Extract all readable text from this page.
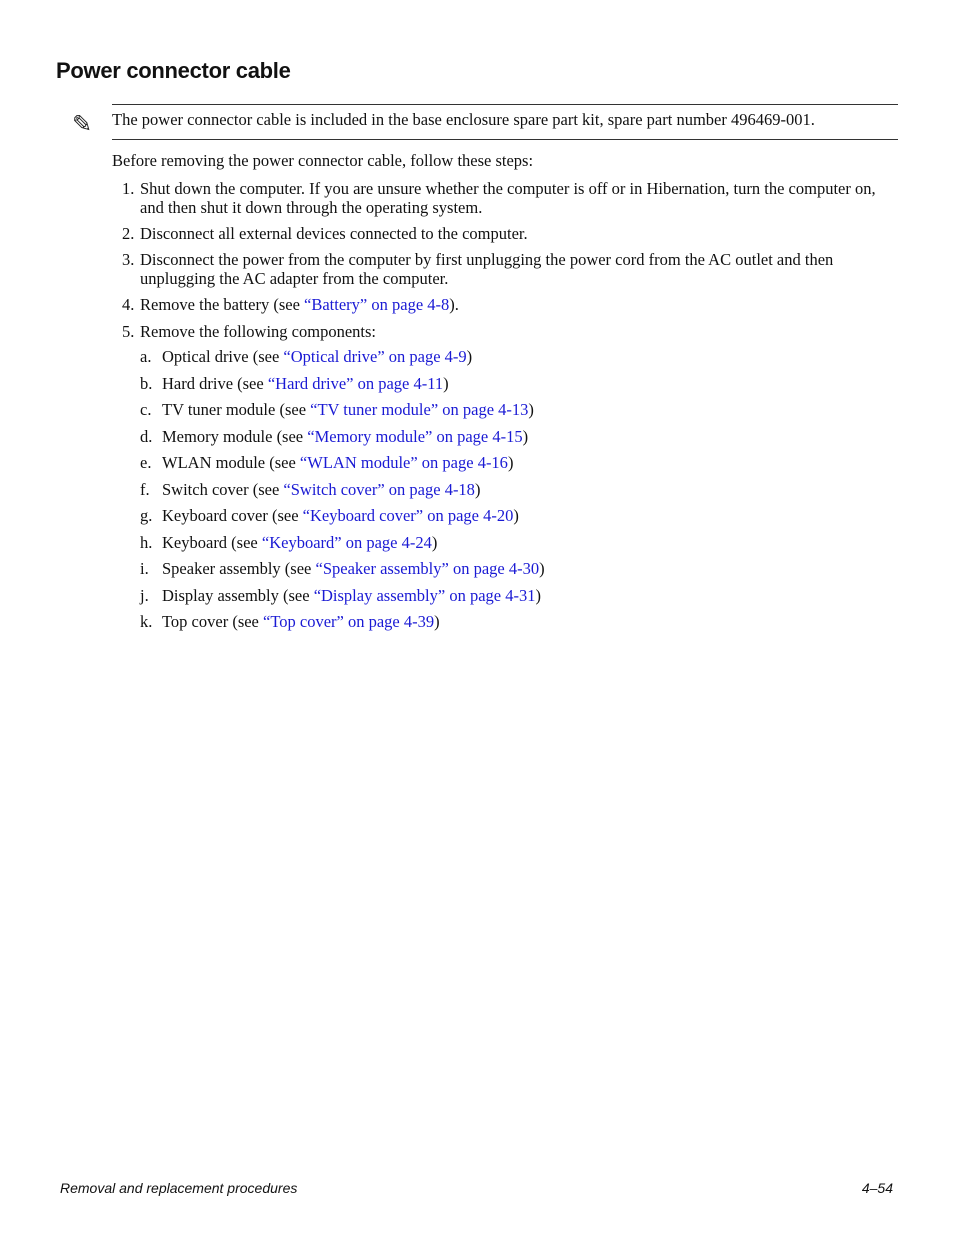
Power connector cable
✎ The power connector cable is included in the base enclosure spare part kit, spare part number 496469-001.
Before removing the power connector cable, follow these steps:
1. Shut down the computer. If you are unsure whether the computer is off or in Hibernation, turn the computer on, and then shut it down through the operating system.
2. Disconnect all external devices connected to the computer.
3. Disconnect the power from the computer by first unplugging the power cord from the AC outlet and then unplugging the AC adapter from the computer.
4. Remove the battery (see “Battery” on page 4-8).
5. Remove the following components:
a. Optical drive (see “Optical drive” on page 4-9)
b. Hard drive (see “Hard drive” on page 4-11)
c. TV tuner module (see “TV tuner module” on page 4-13)
d. Memory module (see “Memory module” on page 4-15)
e. WLAN module (see “WLAN module” on page 4-16)
f. Switch cover (see “Switch cover” on page 4-18)
g. Keyboard cover (see “Keyboard cover” on page 4-20)
h. Keyboard (see “Keyboard” on page 4-24)
i. Speaker assembly (see “Speaker assembly” on page 4-30)
j. Display assembly (see “Display assembly” on page 4-31)
k. Top cover (see “Top cover” on page 4-39)
Removal and replacement procedures	4–54
